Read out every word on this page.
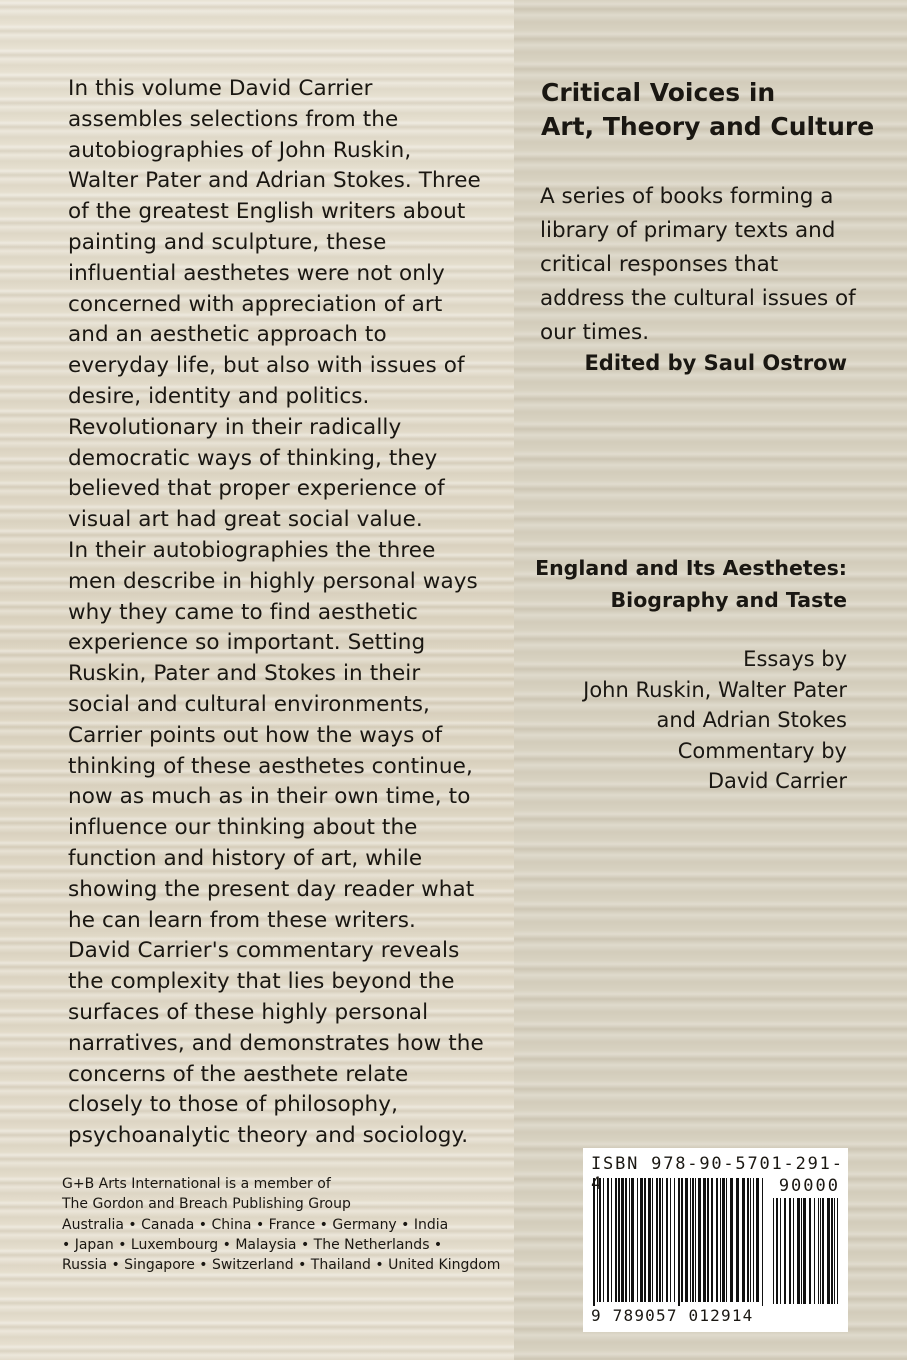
In this volume David Carrier assembles selections from the autobiographies of John Ruskin, Walter Pater and Adrian Stokes. Three of the greatest English writers about painting and sculpture, these influential aesthetes were not only concerned with appreciation of art and an aesthetic approach to everyday life, but also with issues of desire, identity and politics. Revolutionary in their radically democratic ways of thinking, they believed that proper experience of visual art had great social value.

In their autobiographies the three men describe in highly personal ways why they came to find aesthetic experience so important. Setting Ruskin, Pater and Stokes in their social and cultural environments, Carrier points out how the ways of thinking of these aesthetes continue, now as much as in their own time, to influence our thinking about the function and history of art, while showing the present day reader what he can learn from these writers.

David Carrier's commentary reveals the complexity that lies beyond the surfaces of these highly personal narratives, and demonstrates how the concerns of the aesthete relate closely to those of philosophy, psychoanalytic theory and sociology.

G+B Arts International is a member of
The Gordon and Breach Publishing Group
Australia • Canada • China • France • Germany • India
• Japan • Luxembourg • Malaysia • The Netherlands •
Russia • Singapore • Switzerland • Thailand • United Kingdom
Critical Voices in
Art, Theory and Culture
A series of books forming a library of primary texts and critical responses that address the cultural issues of our times.
Edited by Saul Ostrow
England and Its Aesthetes:
Biography and Taste
Essays by
John Ruskin, Walter Pater
and Adrian Stokes
Commentary by
David Carrier
ISBN 978-90-5701-291-4	90000
9 789057 012914
